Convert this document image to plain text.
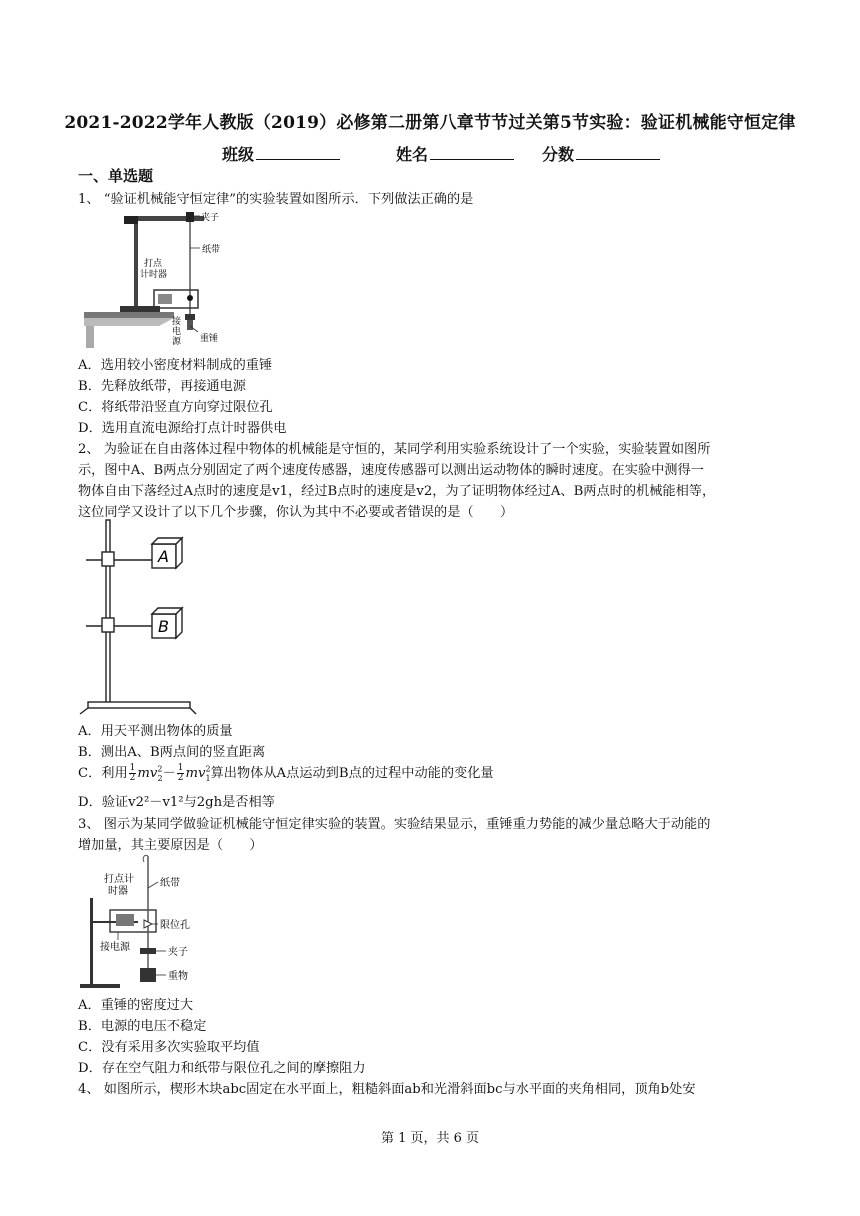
2021-2022学年人教版（2019）必修第二册第八章节节过关第5节实验：验证机械能守恒定律
班级	姓名	分数
一、单选题
1、 “验证机械能守恒定律”的实验装置如图所示．下列做法正确的是
夹子
纸带
打点
计时器
接
电
源 重锤
A．选用较小密度材料制成的重锤
B．先释放纸带，再接通电源
C．将纸带沿竖直方向穿过限位孔
D．选用直流电源给打点计时器供电
2、 为验证在自由落体过程中物体的机械能是守恒的，某同学利用实验系统设计了一个实验，实验装置如图所
示，图中A、B两点分别固定了两个速度传感器，速度传感器可以测出运动物体的瞬时速度。在实验中测得一
物体自由下落经过A点时的速度是v1，经过B点时的速度是v2，为了证明物体经过A、B两点时的机械能相等，
这位同学又设计了以下几个步骤，你认为其中不必要或者错误的是（　　）
A
B
A．用天平测出物体的质量
B．测出A、B两点间的竖直距离
C．利用 $\frac{1}{2} mv^2_2- \frac{1}{2} mv^2_1$算出物体从A点运动到B点的过程中动能的变化量
D．验证v2²－v1²与2gh是否相等
3、 图示为某同学做验证机械能守恒定律实验的装置。实验结果显示，重锤重力势能的减少量总略大于动能的
增加量，其主要原因是（　　）
打点计
时器
纸带
限位孔
接电源	夹子
重物
A．重锤的密度过大
B．电源的电压不稳定
C．没有采用多次实验取平均值
D．存在空气阻力和纸带与限位孔之间的摩擦阻力
4、 如图所示，楔形木块abc固定在水平面上，粗糙斜面ab和光滑斜面bc与水平面的夹角相同，顶角b处安
第 1 页，共 6 页
